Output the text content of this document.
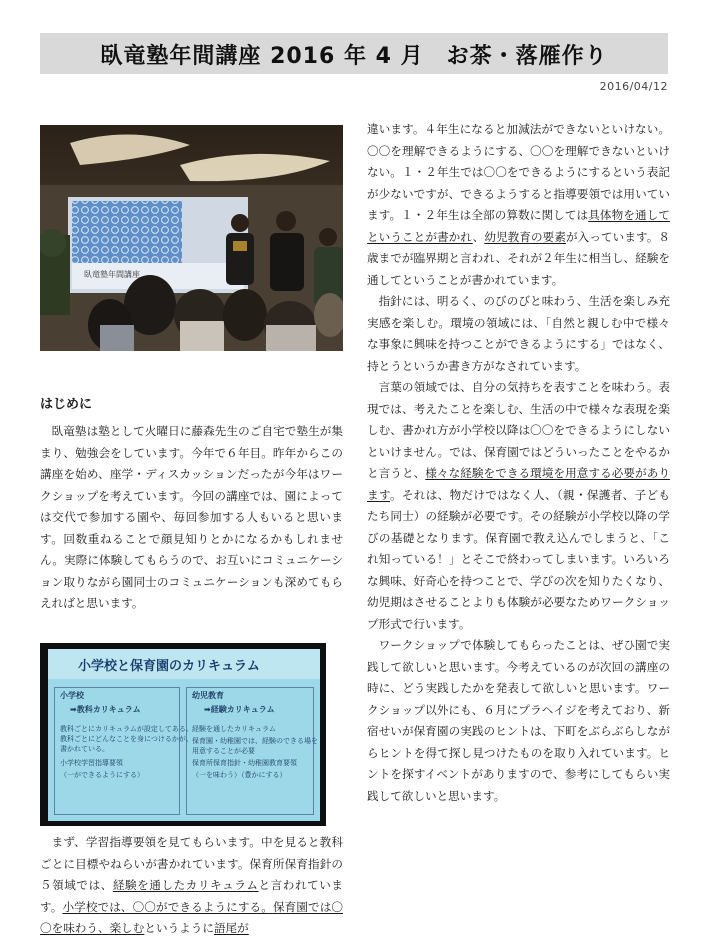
臥竜塾年間講座 2016 年 4 月　お茶・落雁作り
2016/04/12
臥竜塾年間講座
はじめに

臥竜塾は塾として火曜日に藤森先生のご自宅で塾生が集まり、勉強会をしています。今年で６年目。昨年からこの講座を始め、座学・ディスカッションだったが今年はワークショップを考えています。今回の講座では、園によっては交代で参加する園や、毎回参加する人もいると思います。回数重ねることで顔見知りとかになるかもしれません。実際に体験してもらうので、お互いにコミュニケーション取りながら園同士のコミュニケーションも深めてもらえればと思います。

小学校と保育園のカリキュラム
小学校
➡教科カリキュラム
教科ごとにカリキュラムが設定してある。
教科ごとにどんなことを身につけるかが、
書かれている。
小学校学習指導要領
（一ができるようにする）
幼児教育
➡経験カリキュラム
経験を通したカリキュラム
保育園・幼稚園では、経験のできる場を
用意することが必要
保育所保育指針・幼稚園教育要領
（一を味わう）（豊かにする）

まず、学習指導要領を見てもらいます。中を見ると教科ごとに目標やねらいが書かれています。保育所保育指針の５領域では、経験を通したカリキュラムと言われています。小学校では、〇〇ができるようにする。保育園では〇〇を味わう、楽しむというように語尾が

違います。４年生になると加減法ができないといけない。〇〇を理解できるようにする、〇〇を理解できないといけない。１・２年生では〇〇をできるようにするという表記が少ないですが、できるようすると指導要領では用いています。１・２年生は全部の算数に関しては具体物を通してということが書かれ、幼児教育の要素が入っています。８歳までが臨界期と言われ、それが２年生に相当し、経験を通してということが書かれています。

指針には、明るく、のびのびと味わう、生活を楽しみ充実感を楽しむ。環境の領域には、「自然と親しむ中で様々な事象に興味を持つことができるようにする」ではなく、持とうというか書き方がなされています。

言葉の領域では、自分の気持ちを表すことを味わう。表現では、考えたことを楽しむ、生活の中で様々な表現を楽しむ、書かれ方が小学校以降は〇〇をできるようにしないといけません。では、保育園ではどういったことをやるかと言うと、様々な経験をできる環境を用意する必要があります。それは、物だけではなく人、（親・保護者、子どもたち同士）の経験が必要です。その経験が小学校以降の学びの基礎となります。保育園で教え込んでしまうと、「これ知っている！」とそこで終わってしまいます。いろいろな興味、好奇心を持つことで、学びの次を知りたくなり、幼児期はさせることよりも体験が必要なためワークショップ形式で行います。

ワークショップで体験してもらったことは、ぜひ園で実践して欲しいと思います。今考えているのが次回の講座の時に、どう実践したかを発表して欲しいと思います。ワークショップ以外にも、６月にプラヘイジを考えており、新宿せいが保育園の実践のヒントは、下町をぶらぶらしながらヒントを得て探し見つけたものを取り入れています。ヒントを探すイベントがありますので、参考にしてもらい実践して欲しいと思います。
